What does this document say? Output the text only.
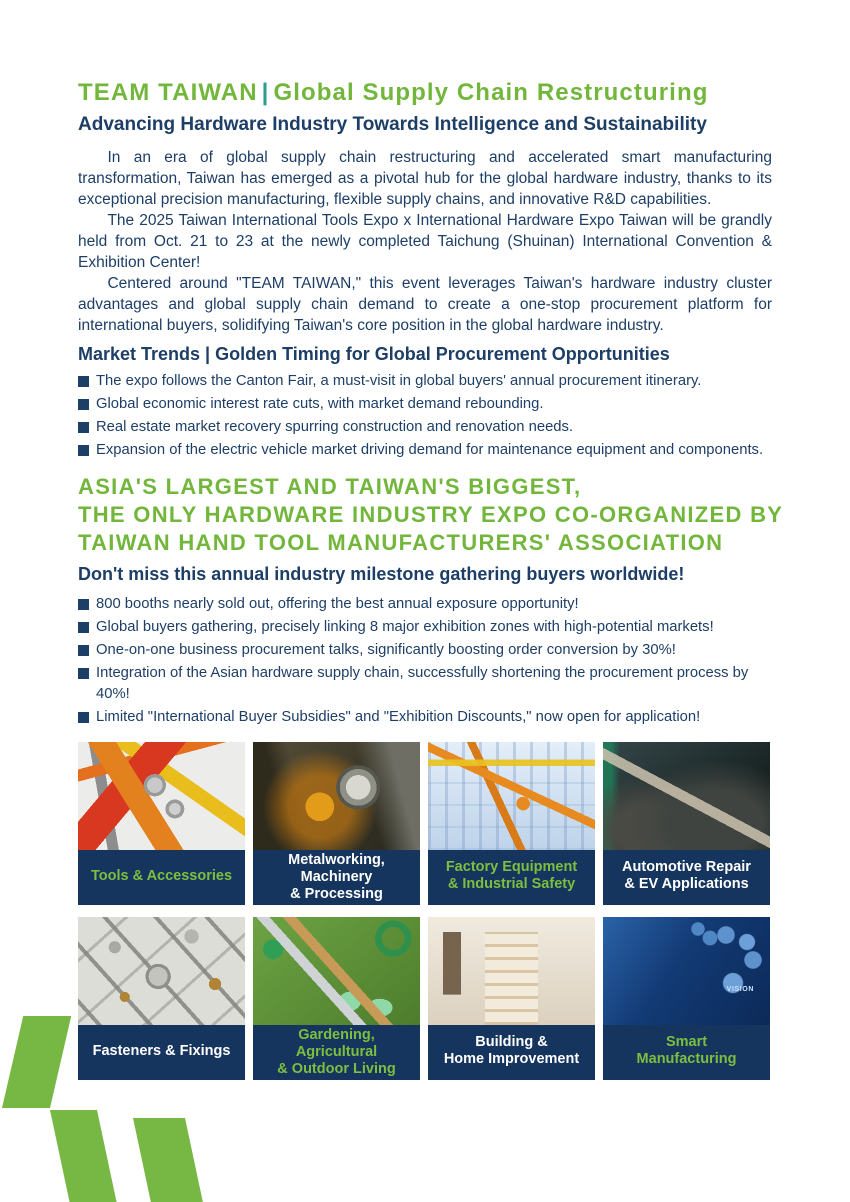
TEAM TAIWAN | Global Supply Chain Restructuring
Advancing Hardware Industry Towards Intelligence and Sustainability

In an era of global supply chain restructuring and accelerated smart manufacturing transformation, Taiwan has emerged as a pivotal hub for the global hardware industry, thanks to its exceptional precision manufacturing, flexible supply chains, and innovative R&D capabilities.

The 2025 Taiwan International Tools Expo x International Hardware Expo Taiwan will be grandly held from Oct. 21 to 23 at the newly completed Taichung (Shuinan) International Convention & Exhibition Center!

Centered around "TEAM TAIWAN," this event leverages Taiwan's hardware industry cluster advantages and global supply chain demand to create a one-stop procurement platform for international buyers, solidifying Taiwan's core position in the global hardware industry.

Market Trends | Golden Timing for Global Procurement Opportunities
The expo follows the Canton Fair, a must-visit in global buyers' annual procurement itinerary.
Global economic interest rate cuts, with market demand rebounding.
Real estate market recovery spurring construction and renovation needs.
Expansion of the electric vehicle market driving demand for maintenance equipment and components.
ASIA'S LARGEST AND TAIWAN'S BIGGEST,
THE ONLY HARDWARE INDUSTRY EXPO CO-ORGANIZED BY
TAIWAN HAND TOOL MANUFACTURERS' ASSOCIATION
Don't miss this annual industry milestone gathering buyers worldwide!
800 booths nearly sold out, offering the best annual exposure opportunity!
Global buyers gathering, precisely linking 8 major exhibition zones with high-potential markets!
One-on-one business procurement talks, significantly boosting order conversion by 30%!
Integration of the Asian hardware supply chain, successfully shortening the procurement process by 40%!
Limited "International Buyer Subsidies" and "Exhibition Discounts," now open for application!
Tools & Accessories
Metalworking, Machinery
& Processing
Factory Equipment
& Industrial Safety
Automotive Repair
& EV Applications
Fasteners & Fixings
Gardening, Agricultural
& Outdoor Living
Building &
Home Improvement
VISION
Smart
Manufacturing
